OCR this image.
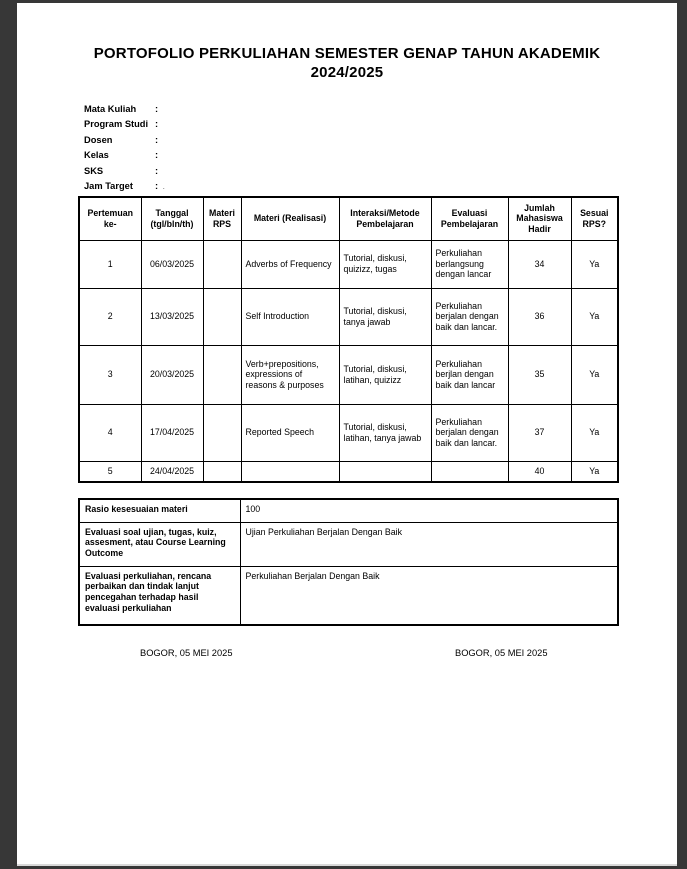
PORTOFOLIO PERKULIAHAN SEMESTER GENAP TAHUN AKADEMIK
2024/2025
Mata Kuliah	:
Program Studi :
Dosen	:
Kelas	:
SKS	:
Jam Target	: .
Pertemuan ke-	Tanggal (tgl/bln/th)	Materi RPS	Materi (Realisasi)	Interaksi/Metode Pembelajaran	Evaluasi Pembelajaran	Jumlah Mahasiswa Hadir	Sesuai RPS?
1	06/03/2025		Adverbs of Frequency	Tutorial, diskusi, quizizz, tugas	Perkuliahan berlangsung dengan lancar	34	Ya
2	13/03/2025		Self Introduction	Tutorial, diskusi, tanya jawab	Perkuliahan berjalan dengan baik dan lancar.	36	Ya
3	20/03/2025		Verb+prepositions, expressions of reasons & purposes	Tutorial, diskusi, latihan, quizizz	Perkuliahan berjlan dengan baik dan lancar	35	Ya
4	17/04/2025		Reported Speech	Tutorial, diskusi, latihan, tanya jawab	Perkuliahan berjalan dengan baik dan lancar.	37	Ya
5	24/04/2025					40	Ya
Rasio kesesuaian materi	100
Evaluasi soal ujian, tugas, kuiz, assesment, atau Course Learning Outcome	Ujian Perkuliahan Berjalan Dengan Baik
Evaluasi perkuliahan, rencana perbaikan dan tindak lanjut pencegahan terhadap hasil evaluasi perkuliahan	Perkuliahan Berjalan Dengan Baik
BOGOR, 05 MEI 2025	BOGOR, 05 MEI 2025
